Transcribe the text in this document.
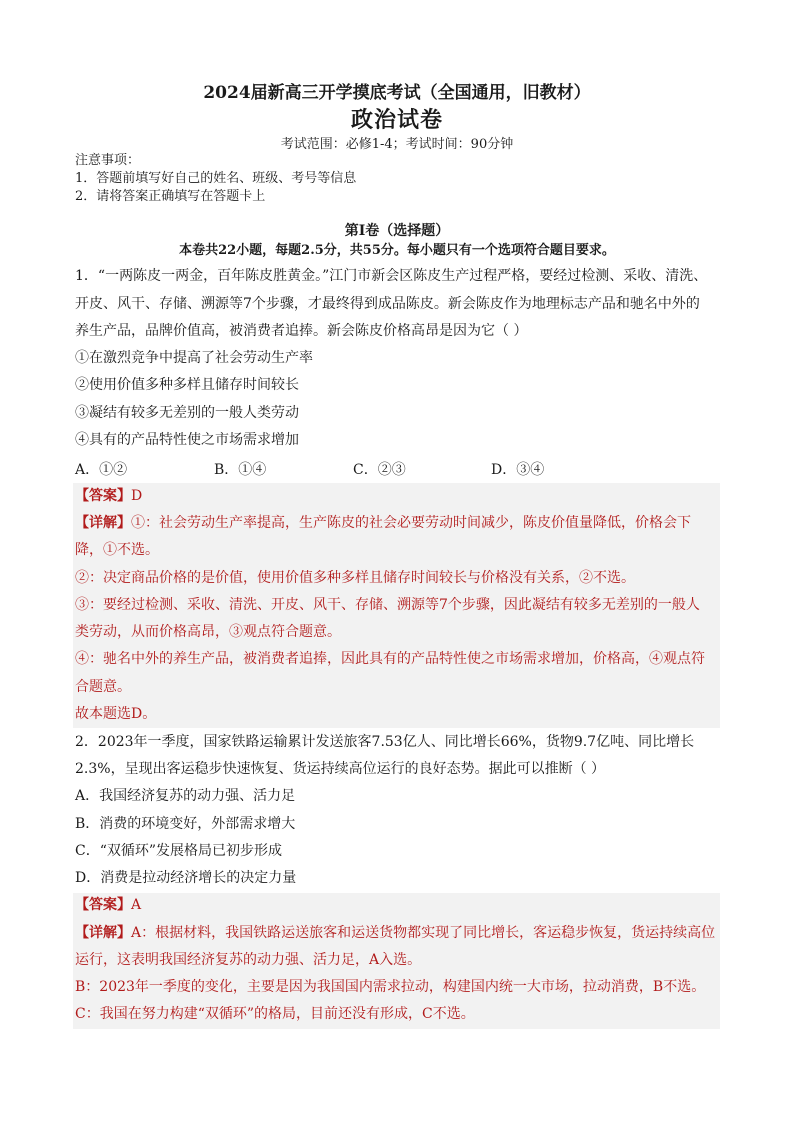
2024届新高三开学摸底考试（全国通用，旧教材）
政治试卷
考试范围：必修1-4；考试时间：90分钟
注意事项：
1．答题前填写好自己的姓名、班级、考号等信息
2．请将答案正确填写在答题卡上
第Ⅰ卷（选择题）
本卷共22小题，每题2.5分，共55分。每小题只有一个选项符合题目要求。
1．“一两陈皮一两金，百年陈皮胜黄金。”江门市新会区陈皮生产过程严格，要经过检测、采收、清洗、
开皮、风干、存储、溯源等7个步骤，才最终得到成品陈皮。新会陈皮作为地理标志产品和驰名中外的
养生产品，品牌价值高，被消费者追捧。新会陈皮价格高昂是因为它（ ）
①在激烈竞争中提高了社会劳动生产率
②使用价值多种多样且储存时间较长
③凝结有较多无差别的一般人类劳动
④具有的产品特性使之市场需求增加
A．①②	B．①④	C．②③	D．③④
【答案】D
【详解】①：社会劳动生产率提高，生产陈皮的社会必要劳动时间减少，陈皮价值量降低，价格会下
降，①不选。
②：决定商品价格的是价值，使用价值多种多样且储存时间较长与价格没有关系，②不选。
③：要经过检测、采收、清洗、开皮、风干、存储、溯源等7个步骤，因此凝结有较多无差别的一般人
类劳动，从而价格高昂，③观点符合题意。
④：驰名中外的养生产品，被消费者追捧，因此具有的产品特性使之市场需求增加，价格高，④观点符
合题意。
故本题选D。
2．2023年一季度，国家铁路运输累计发送旅客7.53亿人、同比增长66%，货物9.7亿吨、同比增长
2.3%，呈现出客运稳步快速恢复、货运持续高位运行的良好态势。据此可以推断（ ）
A．我国经济复苏的动力强、活力足
B．消费的环境变好，外部需求增大
C．“双循环”发展格局已初步形成
D．消费是拉动经济增长的决定力量
【答案】A
【详解】A：根据材料，我国铁路运送旅客和运送货物都实现了同比增长，客运稳步恢复，货运持续高位
运行，这表明我国经济复苏的动力强、活力足，A入选。
B：2023年一季度的变化，主要是因为我国国内需求拉动，构建国内统一大市场，拉动消费，B不选。
C：我国在努力构建“双循环”的格局，目前还没有形成，C不选。
